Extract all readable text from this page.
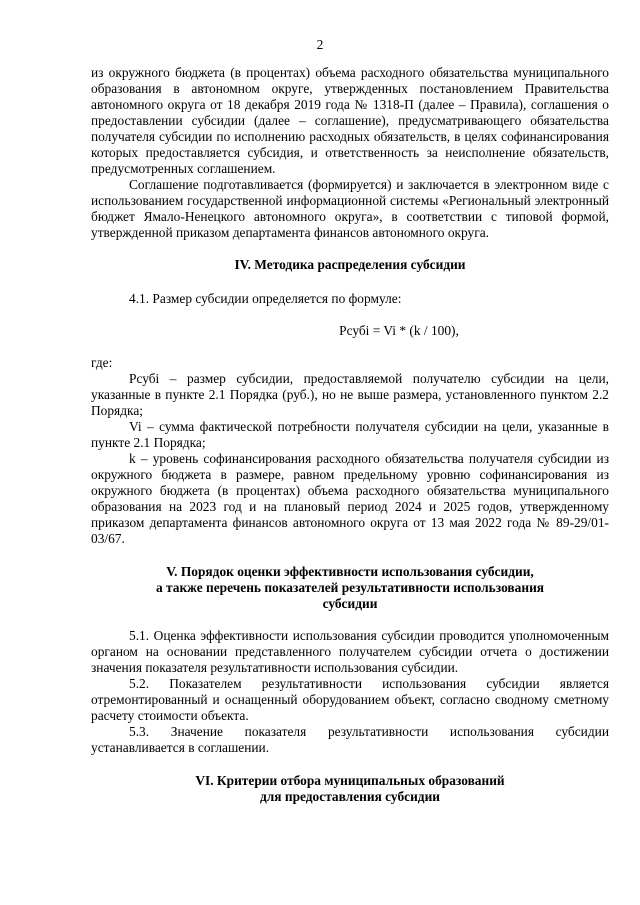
2

из окружного бюджета (в процентах) объема расходного обязательства муниципального образования в автономном округе, утвержденных постановлением Правительства автономного округа от 18 декабря 2019 года № 1318-П (далее – Правила), соглашения о предоставлении субсидии (далее – соглашение), предусматривающего обязательства получателя субсидии по исполнению расходных обязательств, в целях софинансирования которых предоставляется субсидия, и ответственность за неисполнение обязательств, предусмотренных соглашением.

Соглашение подготавливается (формируется) и заключается в электронном виде с использованием государственной информационной системы «Региональный электронный бюджет Ямало-Ненецкого автономного округа», в соответствии с типовой формой, утвержденной приказом департамента финансов автономного округа.

IV. Методика распределения субсидии

4.1. Размер субсидии определяется по формуле:

Рсубi = Vi * (k / 100),

где:

Рсубi – размер субсидии, предоставляемой получателю субсидии на цели, указанные в пункте 2.1 Порядка (руб.), но не выше размера, установленного пунктом 2.2 Порядка;

Vi – сумма фактической потребности получателя субсидии на цели, указанные в пункте 2.1 Порядка;

k – уровень софинансирования расходного обязательства получателя субсидии из окружного бюджета в размере, равном предельному уровню софинансирования из окружного бюджета (в процентах) объема расходного обязательства муниципального образования на 2023 год и на плановый период 2024 и 2025 годов, утвержденному приказом департамента финансов автономного округа от 13 мая 2022 года № 89-29/01-03/67.

V. Порядок оценки эффективности использования субсидии,
а также перечень показателей результативности использования
субсидии

5.1. Оценка эффективности использования субсидии проводится уполномоченным органом на основании представленного получателем субсидии отчета о достижении значения показателя результативности использования субсидии.

5.2. Показателем результативности использования субсидии является отремонтированный и оснащенный оборудованием объект, согласно сводному сметному расчету стоимости объекта.

5.3. Значение показателя результативности использования субсидии устанавливается в соглашении.

VI. Критерии отбора муниципальных образований
для предоставления субсидии
